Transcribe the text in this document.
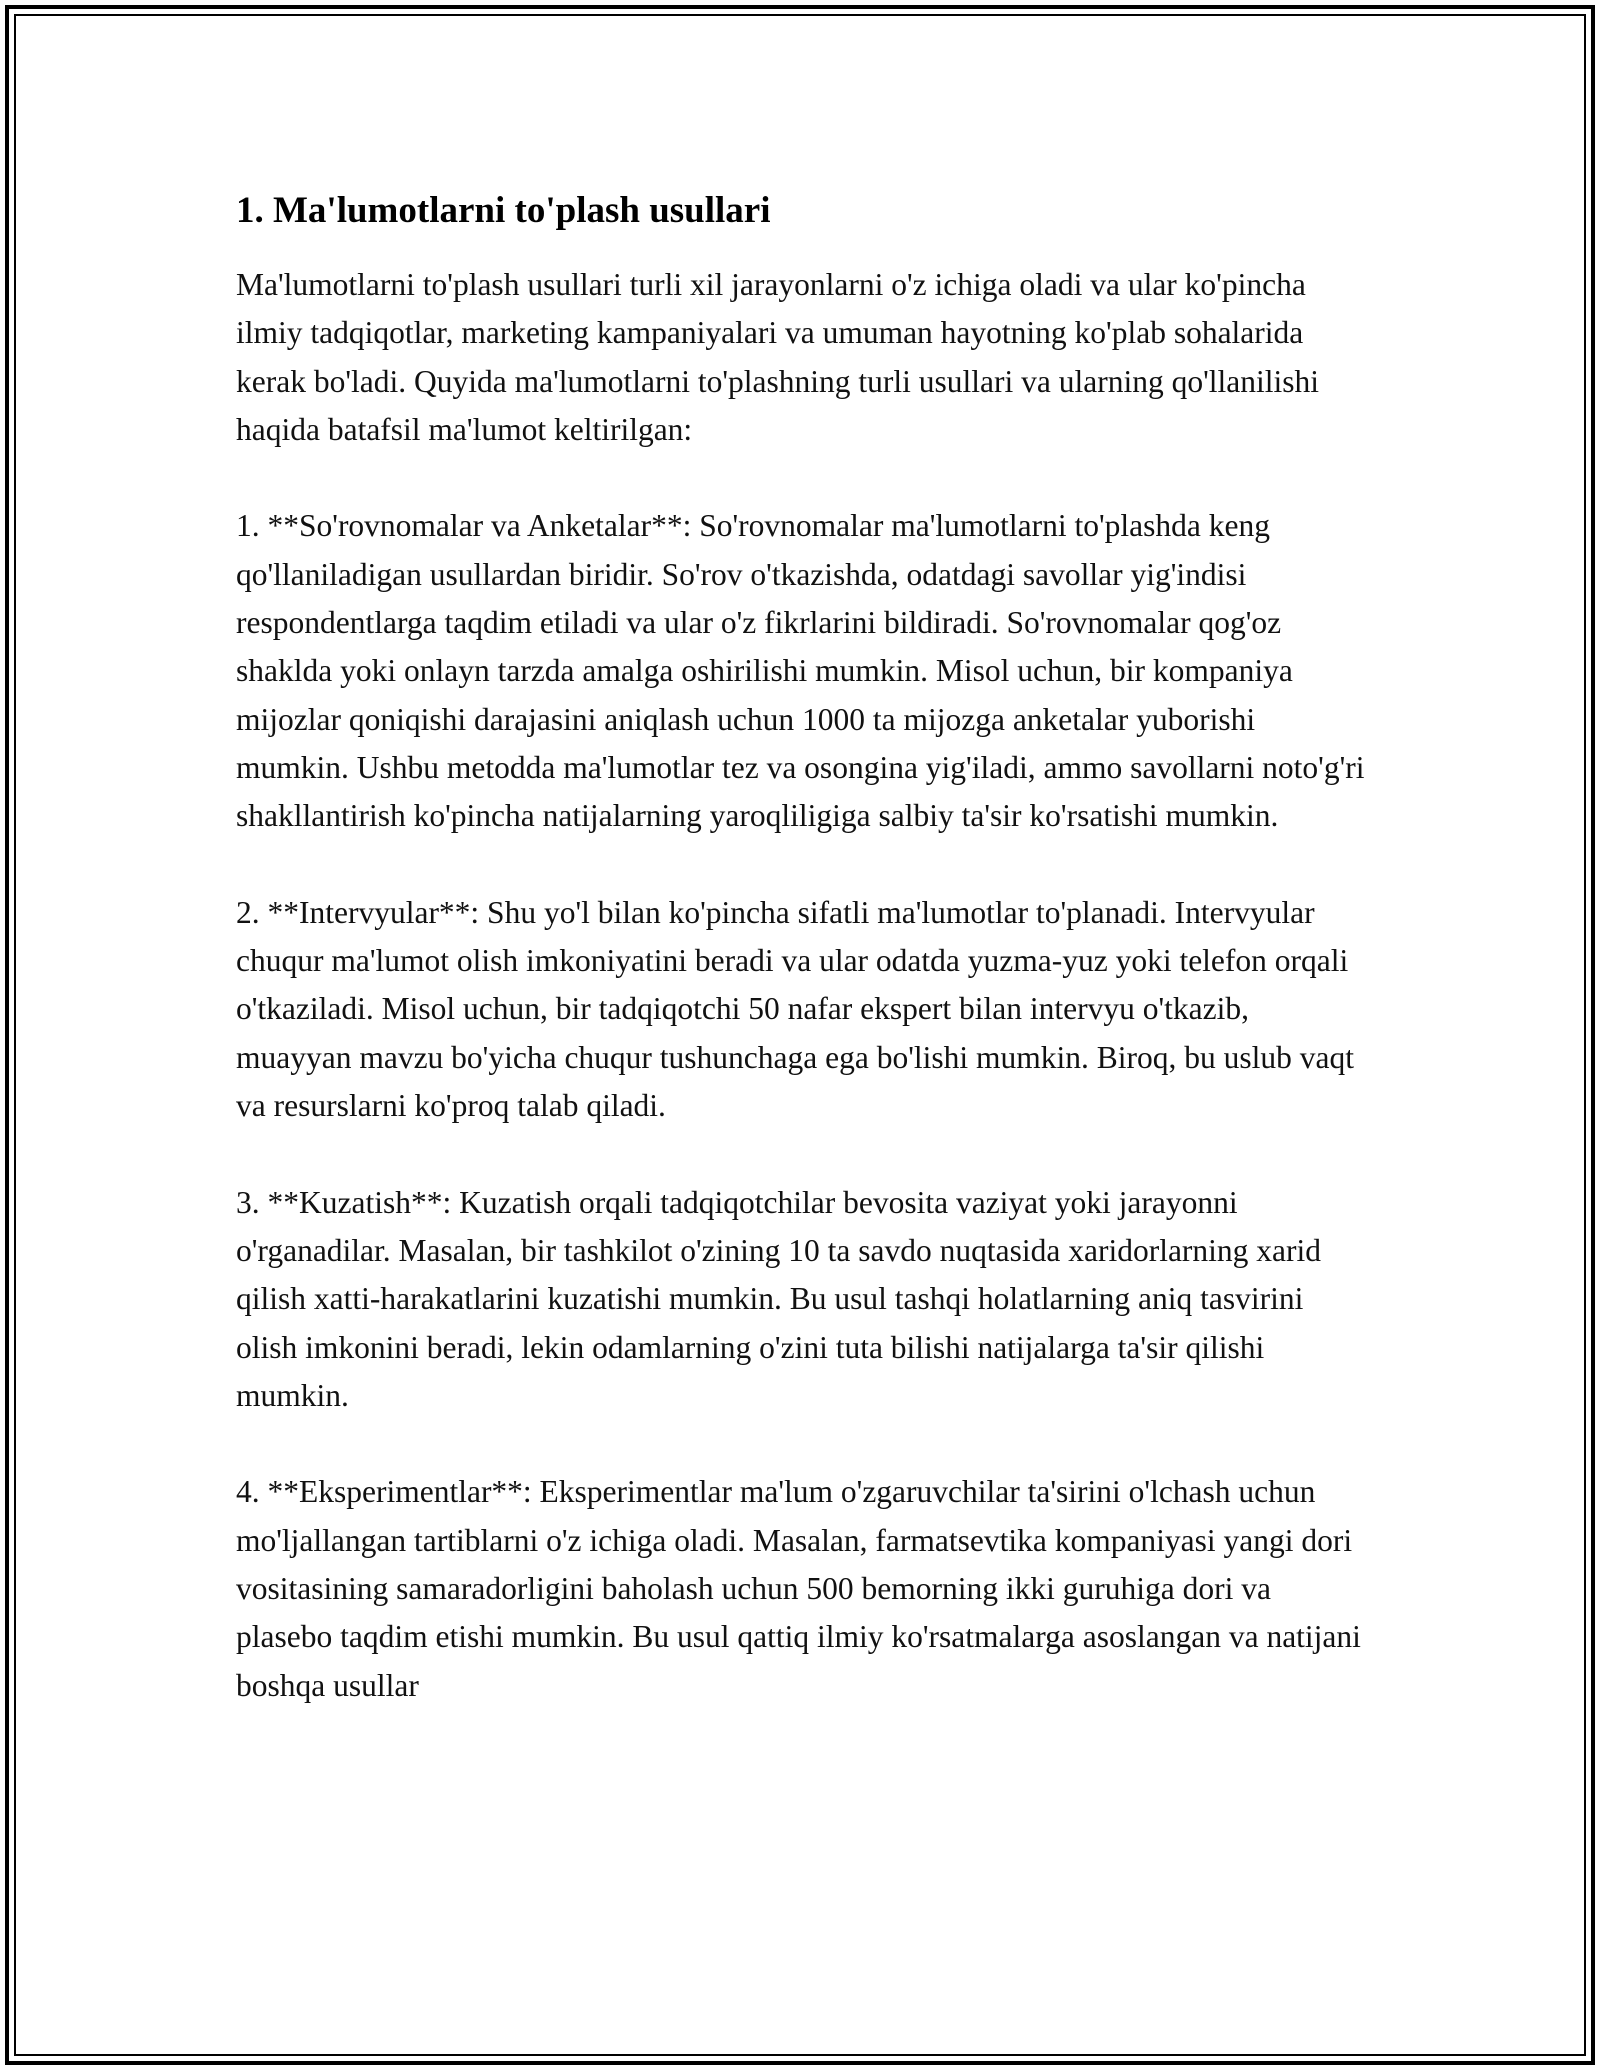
1. Ma'lumotlarni to'plash usullari

Ma'lumotlarni to'plash usullari turli xil jarayonlarni o'z ichiga oladi va ular ko'pincha ilmiy tadqiqotlar, marketing kampaniyalari va umuman hayotning ko'plab sohalarida kerak bo'ladi. Quyida ma'lumotlarni to'plashning turli usullari va ularning qo'llanilishi haqida batafsil ma'lumot keltirilgan:

1. **So'rovnomalar va Anketalar**: So'rovnomalar ma'lumotlarni to'plashda keng qo'llaniladigan usullardan biridir. So'rov o'tkazishda, odatdagi savollar yig'indisi respondentlarga taqdim etiladi va ular o'z fikrlarini bildiradi. So'rovnomalar qog'oz shaklda yoki onlayn tarzda amalga oshirilishi mumkin. Misol uchun, bir kompaniya mijozlar qoniqishi darajasini aniqlash uchun 1000 ta mijozga anketalar yuborishi mumkin. Ushbu metodda ma'lumotlar tez va osongina yig'iladi, ammo savollarni noto'g'ri shakllantirish ko'pincha natijalarning yaroqliligiga salbiy ta'sir ko'rsatishi mumkin.

2. **Intervyular**: Shu yo'l bilan ko'pincha sifatli ma'lumotlar to'planadi. Intervyular chuqur ma'lumot olish imkoniyatini beradi va ular odatda yuzma-yuz yoki telefon orqali o'tkaziladi. Misol uchun, bir tadqiqotchi 50 nafar ekspert bilan intervyu o'tkazib, muayyan mavzu bo'yicha chuqur tushunchaga ega bo'lishi mumkin. Biroq, bu uslub vaqt va resurslarni ko'proq talab qiladi.

3. **Kuzatish**: Kuzatish orqali tadqiqotchilar bevosita vaziyat yoki jarayonni o'rganadilar. Masalan, bir tashkilot o'zining 10 ta savdo nuqtasida xaridorlarning xarid qilish xatti-harakatlarini kuzatishi mumkin. Bu usul tashqi holatlarning aniq tasvirini olish imkonini beradi, lekin odamlarning o'zini tuta bilishi natijalarga ta'sir qilishi mumkin.

4. **Eksperimentlar**: Eksperimentlar ma'lum o'zgaruvchilar ta'sirini o'lchash uchun mo'ljallangan tartiblarni o'z ichiga oladi. Masalan, farmatsevtika kompaniyasi yangi dori vositasining samaradorligini baholash uchun 500 bemorning ikki guruhiga dori va plasebo taqdim etishi mumkin. Bu usul qattiq ilmiy ko'rsatmalarga asoslangan va natijani boshqa usullar
